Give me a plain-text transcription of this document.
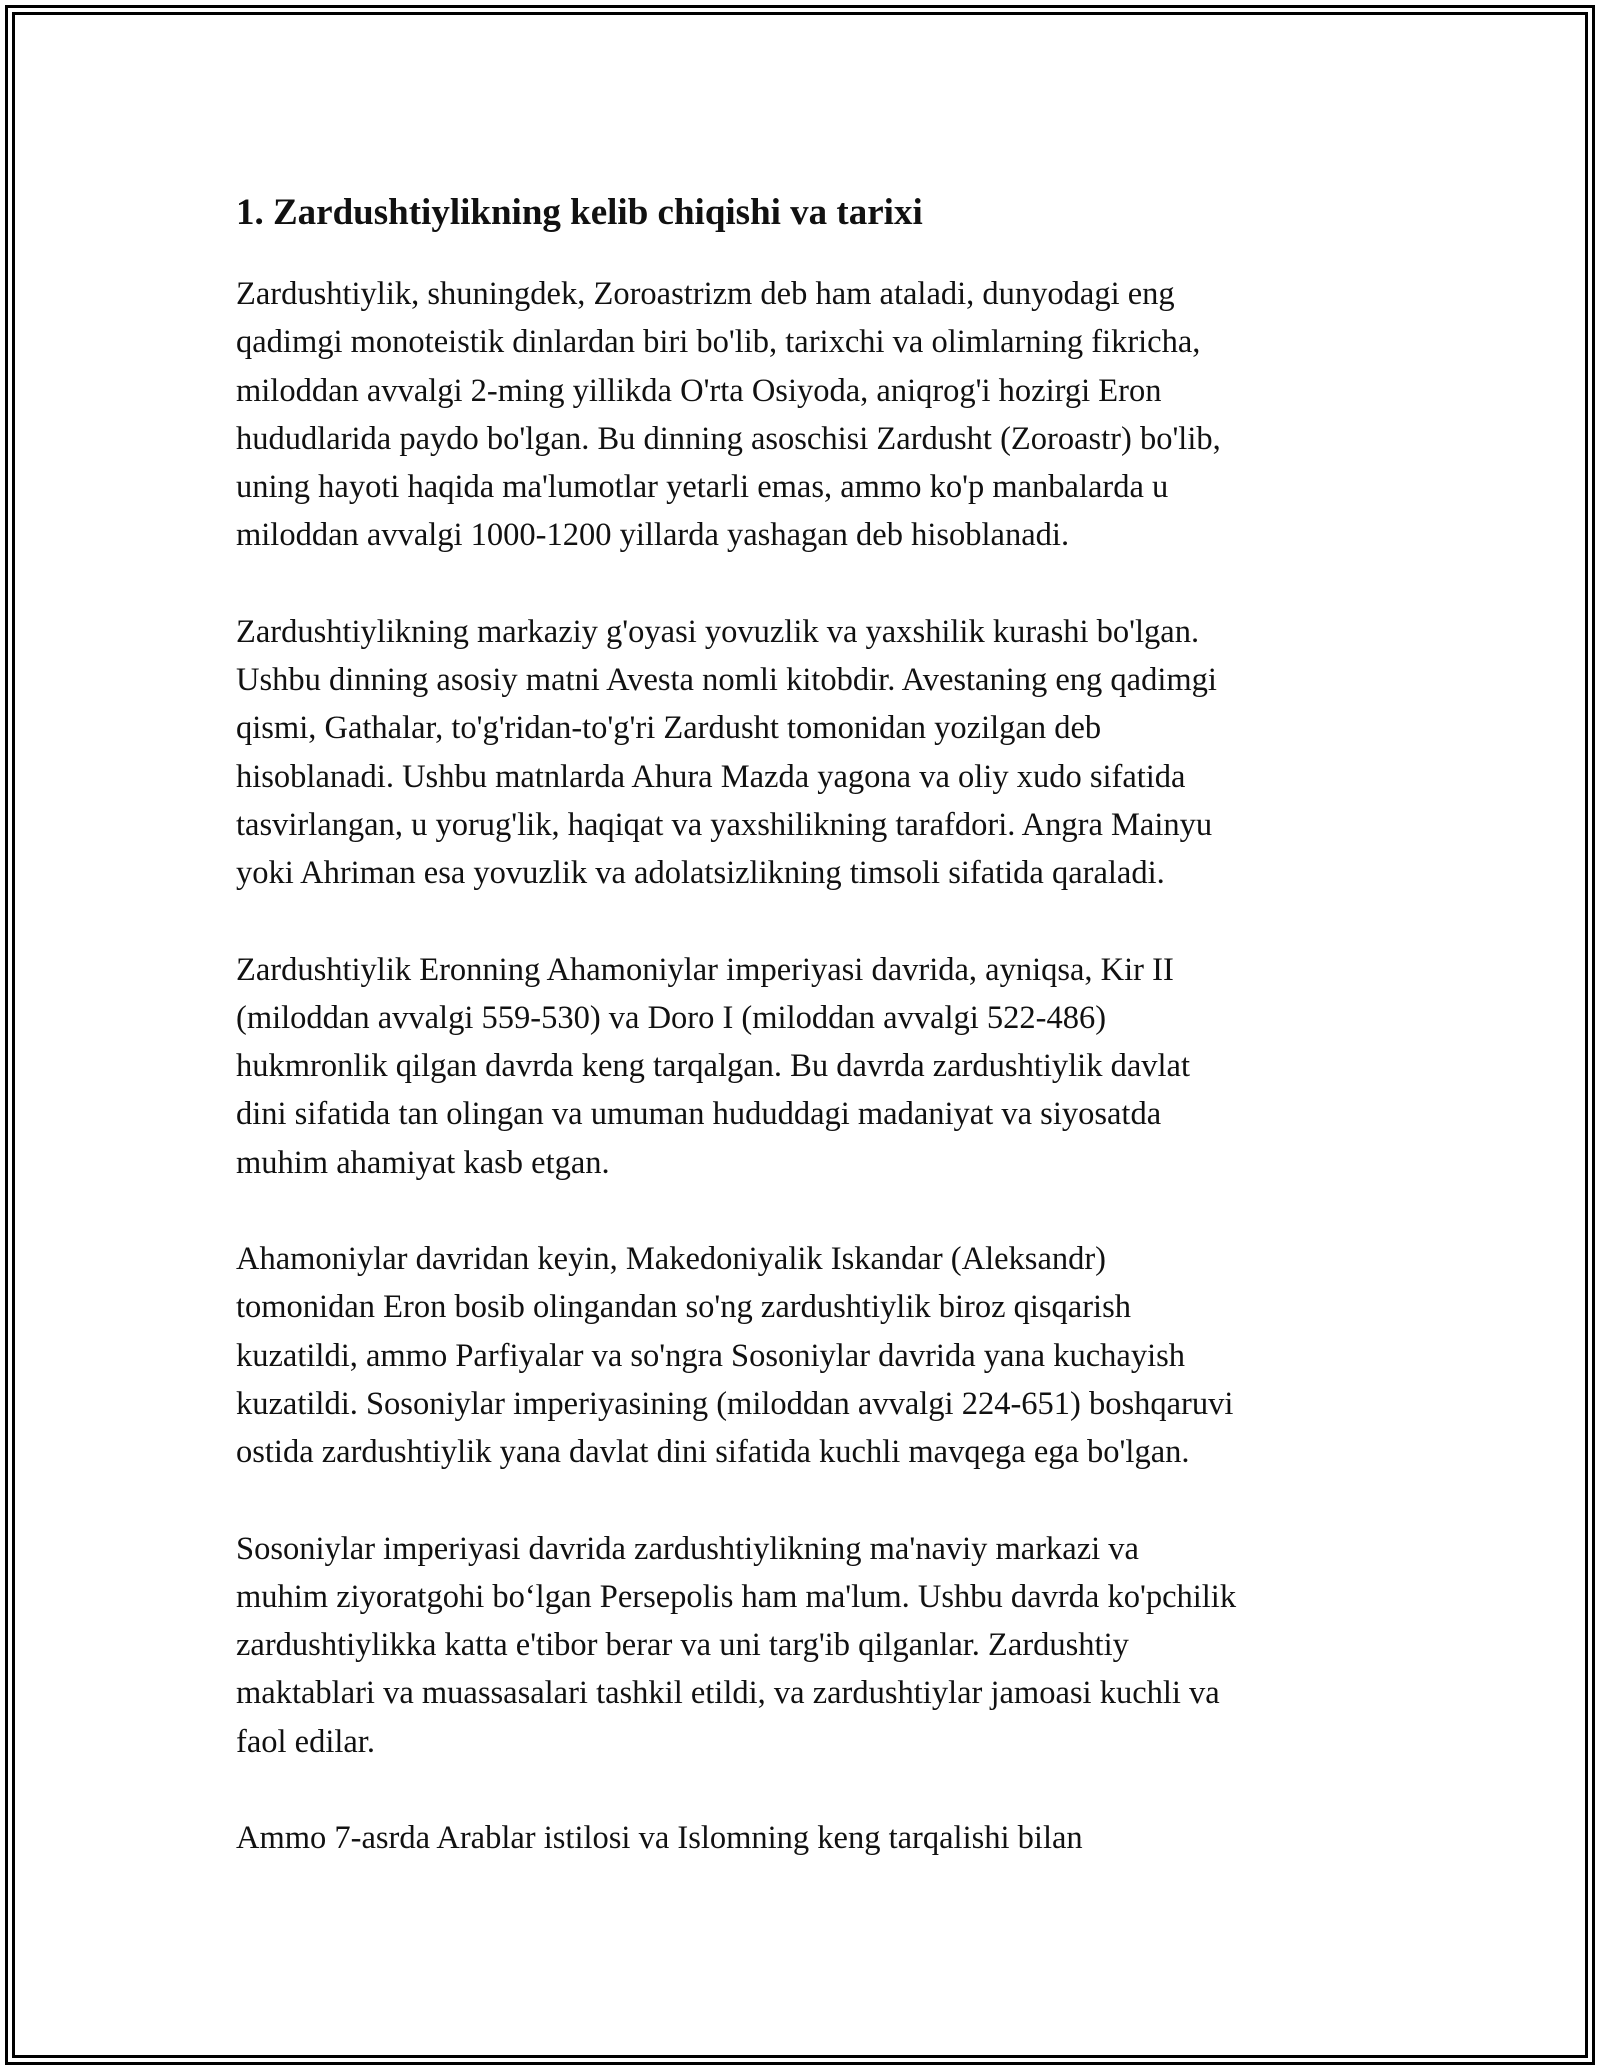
1. Zardushtiylikning kelib chiqishi va tarixi
Zardushtiylik, shuningdek, Zoroastrizm deb ham ataladi, dunyodagi eng
qadimgi monoteistik dinlardan biri bo'lib, tarixchi va olimlarning fikricha,
miloddan avvalgi 2-ming yillikda O'rta Osiyoda, aniqrog'i hozirgi Eron
hududlarida paydo bo'lgan. Bu dinning asoschisi Zardusht (Zoroastr) bo'lib,
uning hayoti haqida ma'lumotlar yetarli emas, ammo ko'p manbalarda u
miloddan avvalgi 1000-1200 yillarda yashagan deb hisoblanadi.
Zardushtiylikning markaziy g'oyasi yovuzlik va yaxshilik kurashi bo'lgan.
Ushbu dinning asosiy matni Avesta nomli kitobdir. Avestaning eng qadimgi
qismi, Gathalar, to'g'ridan-to'g'ri Zardusht tomonidan yozilgan deb
hisoblanadi. Ushbu matnlarda Ahura Mazda yagona va oliy xudo sifatida
tasvirlangan, u yorug'lik, haqiqat va yaxshilikning tarafdori. Angra Mainyu
yoki Ahriman esa yovuzlik va adolatsizlikning timsoli sifatida qaraladi.
Zardushtiylik Eronning Ahamoniylar imperiyasi davrida, ayniqsa, Kir II
(miloddan avvalgi 559-530) va Doro I (miloddan avvalgi 522-486)
hukmronlik qilgan davrda keng tarqalgan. Bu davrda zardushtiylik davlat
dini sifatida tan olingan va umuman hududdagi madaniyat va siyosatda
muhim ahamiyat kasb etgan.
Ahamoniylar davridan keyin, Makedoniyalik Iskandar (Aleksandr)
tomonidan Eron bosib olingandan so'ng zardushtiylik biroz qisqarish
kuzatildi, ammo Parfiyalar va so'ngra Sosoniylar davrida yana kuchayish
kuzatildi. Sosoniylar imperiyasining (miloddan avvalgi 224-651) boshqaruvi
ostida zardushtiylik yana davlat dini sifatida kuchli mavqega ega bo'lgan.
Sosoniylar imperiyasi davrida zardushtiylikning ma'naviy markazi va
muhim ziyoratgohi bo‘lgan Persepolis ham ma'lum. Ushbu davrda ko'pchilik
zardushtiylikka katta e'tibor berar va uni targ'ib qilganlar. Zardushtiy
maktablari va muassasalari tashkil etildi, va zardushtiylar jamoasi kuchli va
faol edilar.
Ammo 7-asrda Arablar istilosi va Islomning keng tarqalishi bilan
